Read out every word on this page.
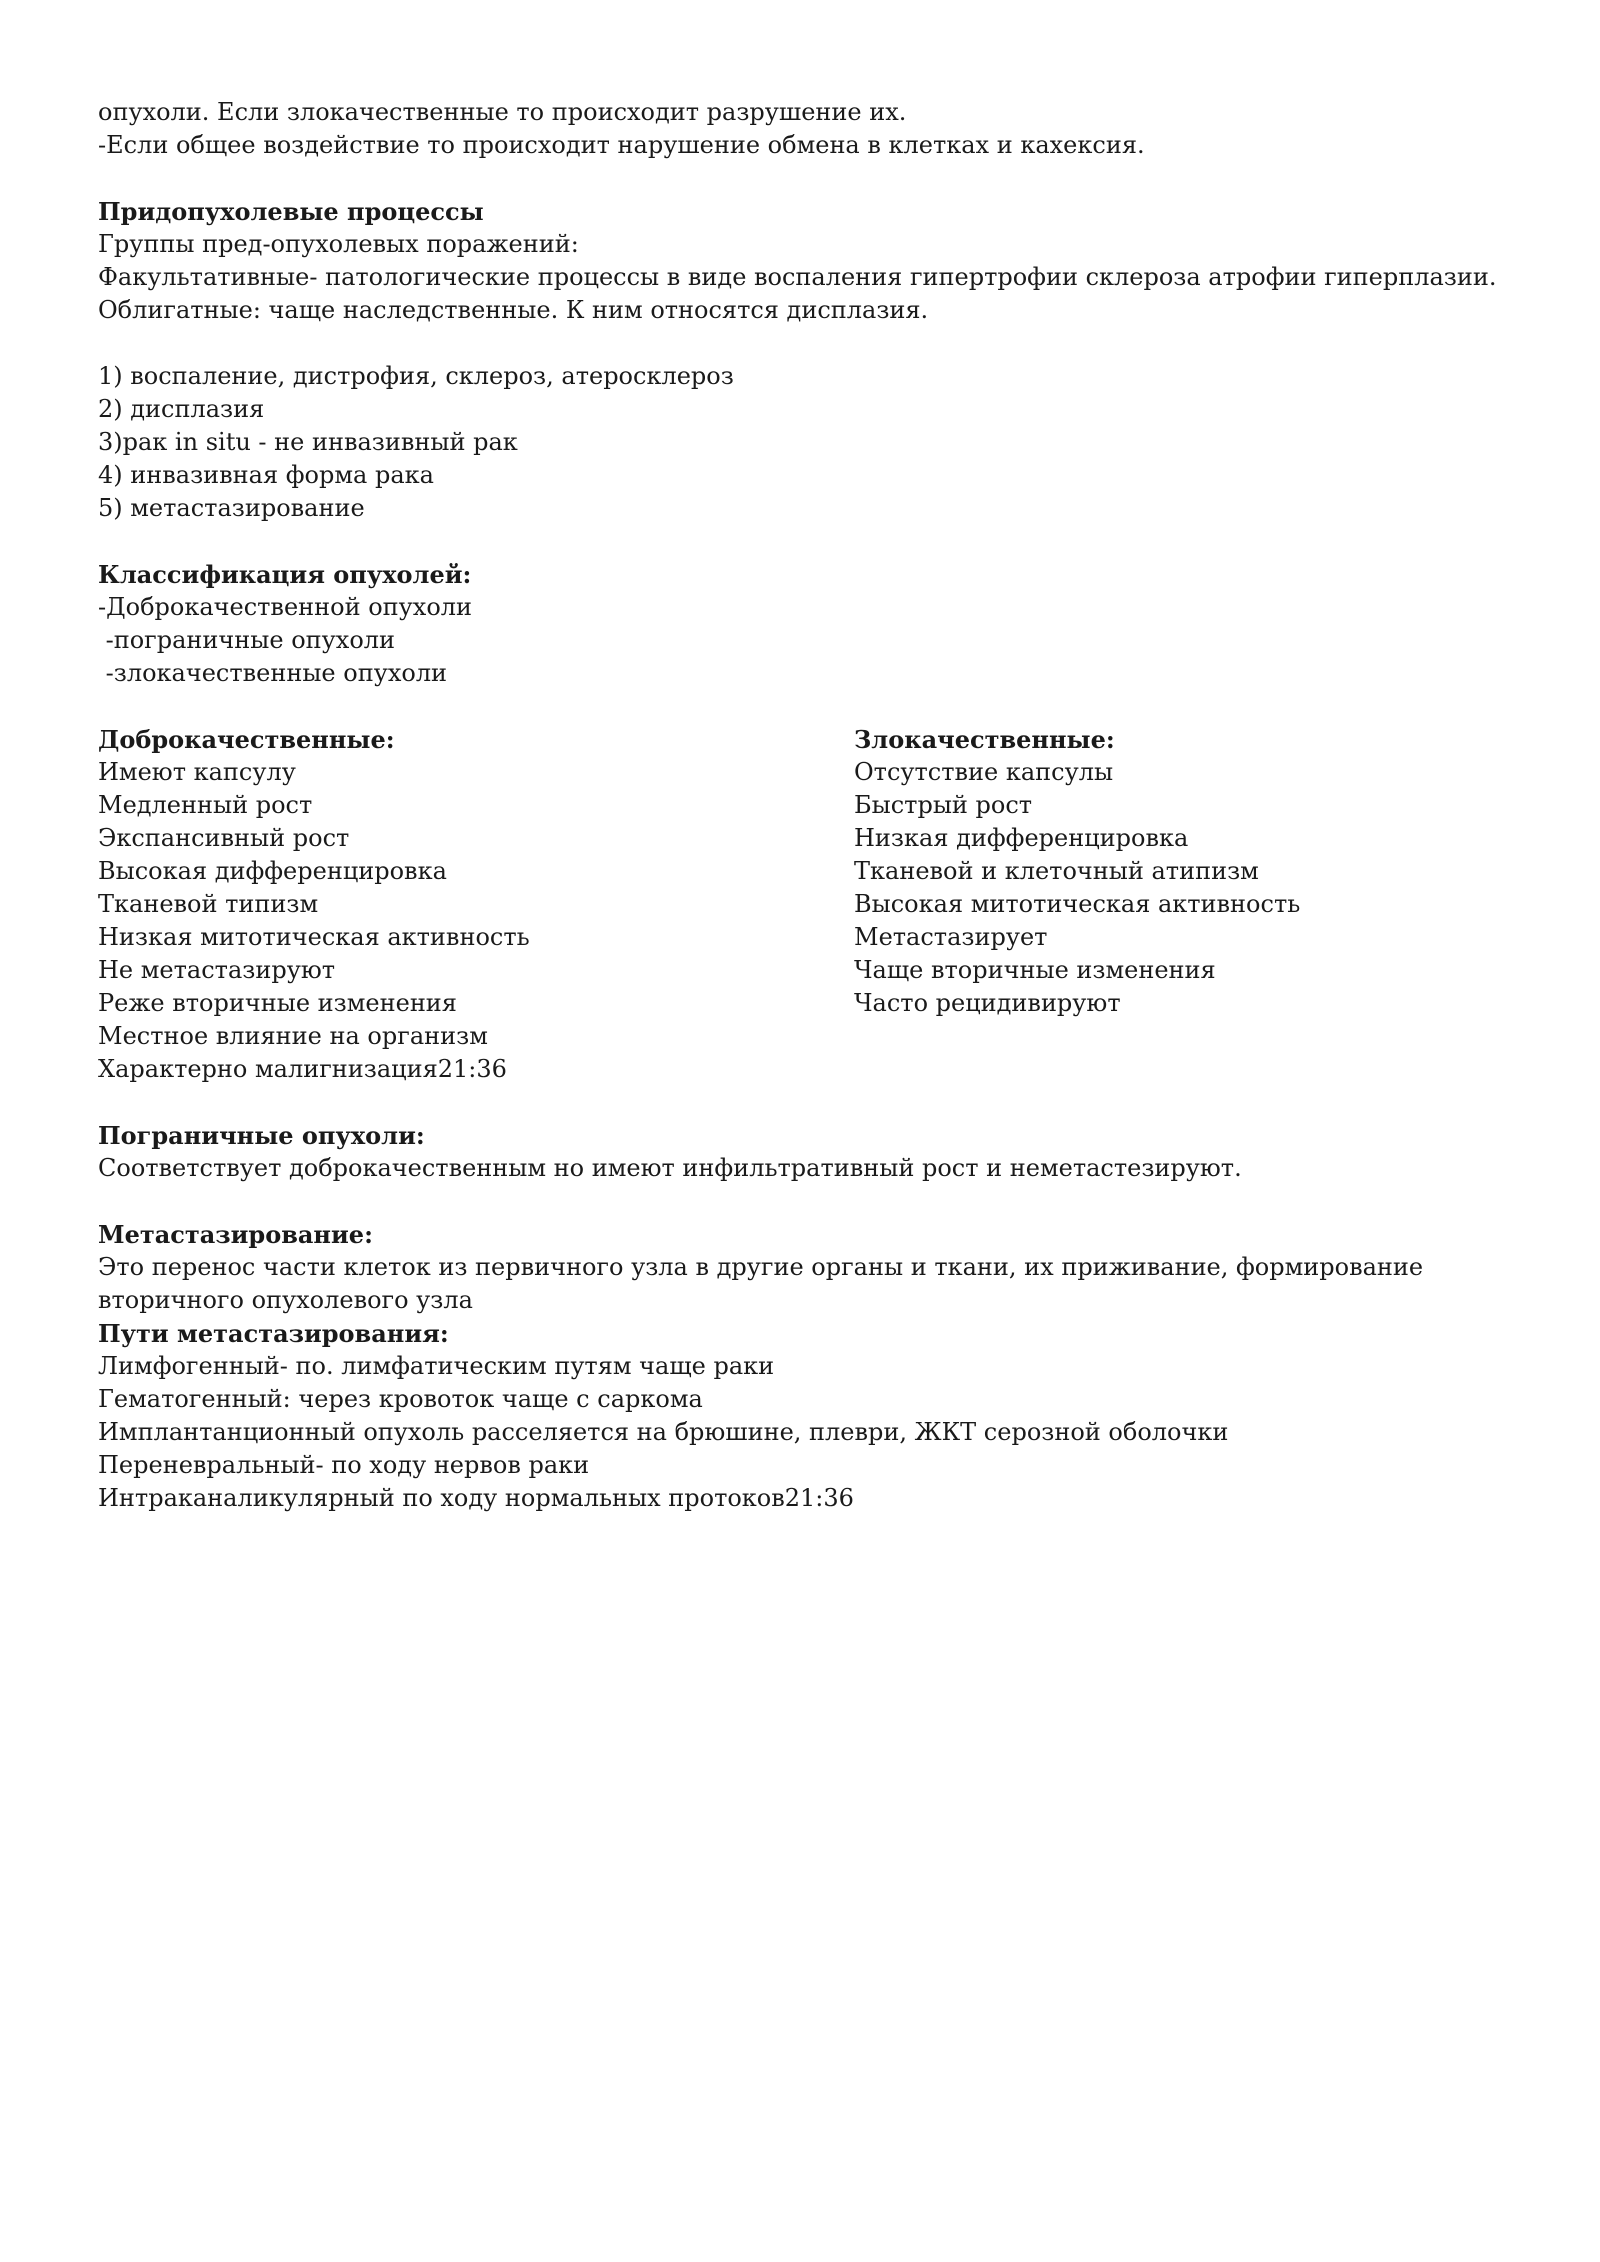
опухоли. Если злокачественные то происходит разрушение их.
-Если общее воздействие то происходит нарушение обмена в клетках и кахексия.
Придопухолевые процессы
Группы пред-опухолевых поражений:
Факультативные- патологические процессы в виде воспаления гипертрофии склероза атрофии гиперплазии.
Облигатные: чаще наследственные. К ним относятся дисплазия.
1) воспаление, дистрофия, склероз, атеросклероз
2) дисплазия
3)рак in situ - не инвазивный рак
4) инвазивная форма рака
5) метастазирование
Классификация опухолей:
-Доброкачественной опухоли
-пограничные опухоли
-злокачественные опухоли
Доброкачественные:
Имеют капсулу
Медленный рост
Экспансивный рост
Высокая дифференцировка
Тканевой типизм
Низкая митотическая активность
Не метастазируют
Реже вторичные изменения
Местное влияние на организм
Характерно малигнизация21:36
Злокачественные:
Отсутствие капсулы
Быстрый рост
Низкая дифференцировка
Тканевой и клеточный атипизм
Высокая митотическая активность
Метастазирует
Чаще вторичные изменения
Часто рецидивируют
Пограничные опухоли:
Соответствует доброкачественным но имеют инфильтративный рост и неметастезируют.
Метастазирование:
Это перенос части клеток из первичного узла в другие органы и ткани, их приживание, формирование
вторичного опухолевого узла
Пути метастазирования:
Лимфогенный- по. лимфатическим путям чаще раки
Гематогенный: через кровоток чаще с саркома
Имплантанционный опухоль расселяется на брюшине, плеври, ЖКТ серозной оболочки
Переневральный- по ходу нервов раки
Интраканаликулярный по ходу нормальных протоков21:36
